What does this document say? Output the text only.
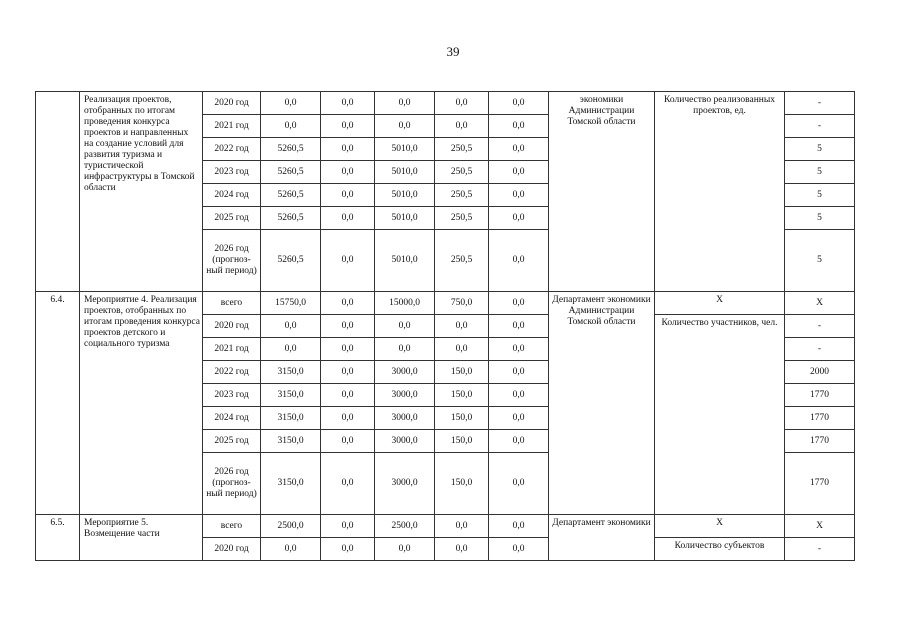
39
	Реализация проектов, отобранных по итогам проведения конкурса проектов и направленных на создание условий для развития туризма и туристической инфраструктуры в Томской области	2020 год	0,0	0,0	0,0	0,0	0,0	экономики Администрации Томской области	Количество реализованных проектов, ед.	-
		2021 год	0,0	0,0	0,0	0,0	0,0			-
		2022 год	5260,5	0,0	5010,0	250,5	0,0			5
		2023 год	5260,5	0,0	5010,0	250,5	0,0			5
		2024 год	5260,5	0,0	5010,0	250,5	0,0			5
		2025 год	5260,5	0,0	5010,0	250,5	0,0			5
		2026 год (прогноз-ный период)	5260,5	0,0	5010,0	250,5	0,0			5
6.4.	Мероприятие 4. Реализация проектов, отобранных по итогам проведения конкурса проектов детского и социального туризма	всего	15750,0	0,0	15000,0	750,0	0,0	Департамент экономики Администрации Томской области	Х	Х
		2020 год	0,0	0,0	0,0	0,0	0,0		Количество участников, чел.	-
		2021 год	0,0	0,0	0,0	0,0	0,0			-
		2022 год	3150,0	0,0	3000,0	150,0	0,0			2000
		2023 год	3150,0	0,0	3000,0	150,0	0,0			1770
		2024 год	3150,0	0,0	3000,0	150,0	0,0			1770
		2025 год	3150,0	0,0	3000,0	150,0	0,0			1770
		2026 год (прогноз-ный период)	3150,0	0,0	3000,0	150,0	0,0			1770
6.5.	Мероприятие 5. Возмещение части	всего	2500,0	0,0	2500,0	0,0	0,0	Департамент экономики	Х	Х
		2020 год	0,0	0,0	0,0	0,0	0,0		Количество субъектов	-
